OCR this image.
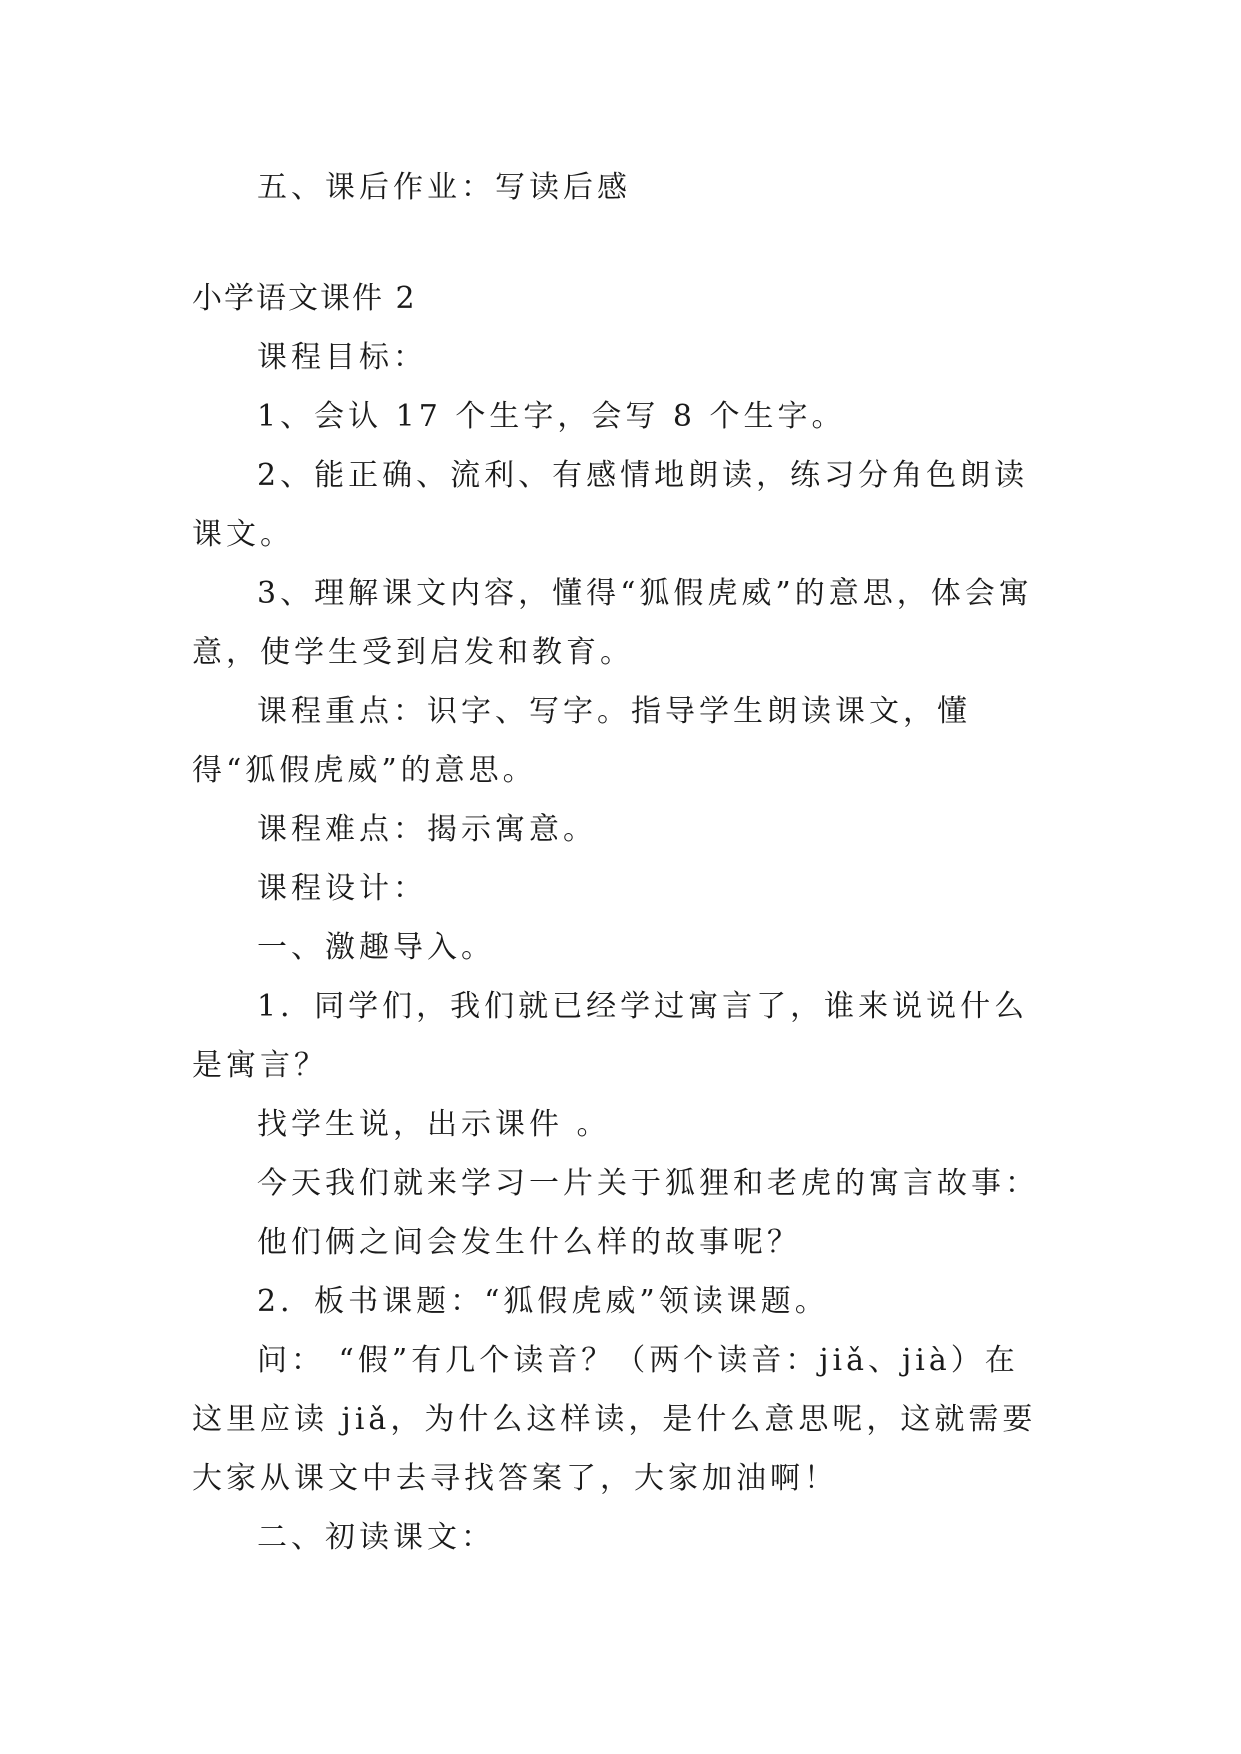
五、课后作业：写读后感

小学语文课件 2

课程目标：

1、会认 17 个生字，会写 8 个生字。

2、能正确、流利、有感情地朗读，练习分角色朗读课文。

3、理解课文内容，懂得“狐假虎威”的意思，体会寓意，使学生受到启发和教育。

课程重点：识字、写字。指导学生朗读课文，懂得“狐假虎威”的意思。

课程难点：揭示寓意。

课程设计：

一、激趣导入。

1．同学们，我们就已经学过寓言了，谁来说说什么是寓言？

找学生说，出示课件 。

今天我们就来学习一片关于狐狸和老虎的寓言故事：

他们俩之间会发生什么样的故事呢？

2．板书课题：“狐假虎威”领读课题。

问： “假”有几个读音？（两个读音：jiǎ、jià）在这里应读 jiǎ，为什么这样读，是什么意思呢，这就需要大家从课文中去寻找答案了，大家加油啊！

二、初读课文：
